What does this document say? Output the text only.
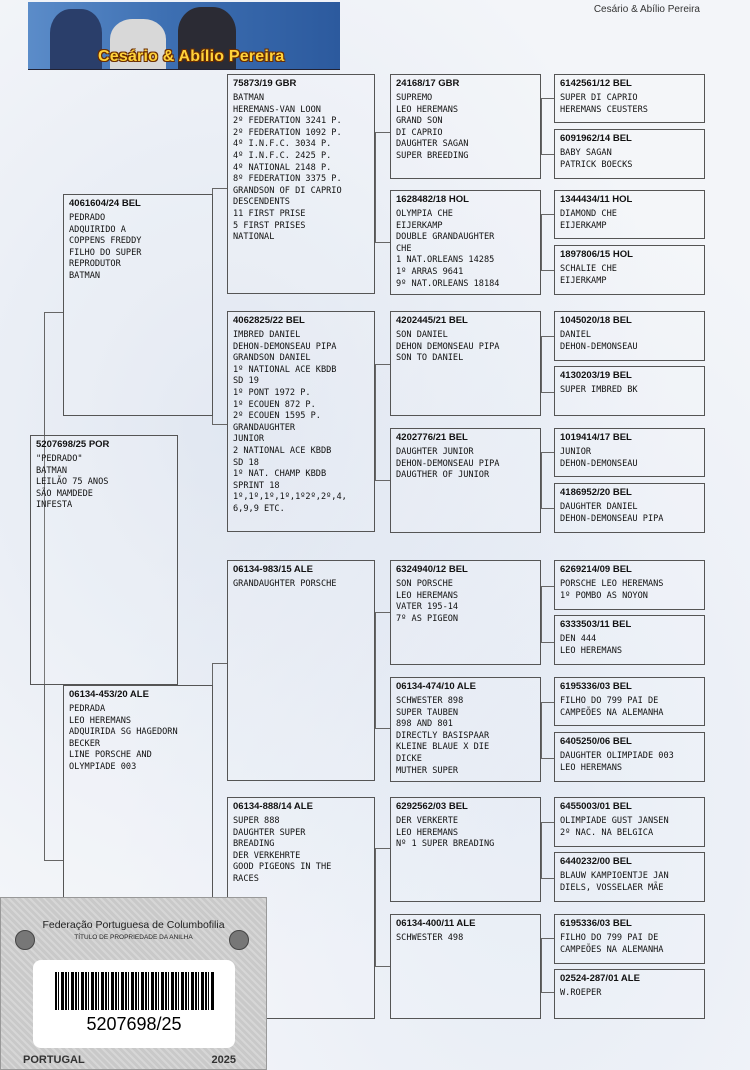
Cesário & Abílio Pereira
Cesário & Abílio Pereira
5207698/25 POR
"PEDRADO"
BATMAN
LEILÃO 75 ANOS
SÃO MAMDEDE
INFESTA
4061604/24 BEL
PEDRADO
ADQUIRIDO A
COPPENS FREDDY
FILHO DO SUPER
REPRODUTOR
BATMAN
06134-453/20 ALE
PEDRADA
LEO HEREMANS
ADQUIRIDA SG HAGEDORN
BECKER
LINE PORSCHE AND
OLYMPIADE 003
75873/19 GBR
BATMAN
HEREMANS-VAN LOON
2º FEDERATION 3241 P.
2º FEDERATION 1092 P.
4º I.N.F.C. 3034 P.
4º I.N.F.C. 2425 P.
4º NATIONAL 2148 P.
8º FEDERATION 3375 P.
GRANDSON OF DI CAPRIO
DESCENDENTS
11 FIRST PRISE
5 FIRST PRISES
NATIONAL
4062825/22 BEL
IMBRED DANIEL
DEHON-DEMONSEAU PIPA
GRANDSON DANIEL
1º NATIONAL ACE KBDB
SD 19
1º PONT 1972 P.
1º ECOUEN 872 P.
2º ECOUEN 1595 P.
GRANDAUGHTER
JUNIOR
2 NATIONAL ACE KBDB
SD 18
1º NAT. CHAMP KBDB
SPRINT 18
1º,1º,1º,1º,1º2º,2º,4,
6,9,9 ETC.
06134-983/15 ALE
GRANDAUGHTER PORSCHE
06134-888/14 ALE
SUPER 888
DAUGHTER SUPER
BREADING
DER VERKEHRTE
GOOD PIGEONS IN THE
RACES
24168/17 GBR
SUPREMO
LEO HEREMANS
GRAND SON
DI CAPRIO
DAUGHTER SAGAN
SUPER BREEDING
1628482/18 HOL
OLYMPIA CHE
EIJERKAMP
DOUBLE GRANDAUGHTER
CHE
1 NAT.ORLEANS 14285
1º ARRAS 9641
9º NAT.ORLEANS 18184
4202445/21 BEL
SON DANIEL
DEHON DEMONSEAU PIPA
SON TO DANIEL
4202776/21 BEL
DAUGHTER JUNIOR
DEHON-DEMONSEAU PIPA
DAUGTHER OF JUNIOR
6324940/12 BEL
SON PORSCHE
LEO HEREMANS
VATER 195-14
7º AS PIGEON
06134-474/10 ALE
SCHWESTER 898
SUPER TAUBEN
898 AND 801
DIRECTLY BASISPAAR
KLEINE BLAUE X DIE
DICKE
MUTHER SUPER
6292562/03 BEL
DER VERKERTE
LEO HEREMANS
Nº 1 SUPER BREADING
06134-400/11 ALE
SCHWESTER 498
6142561/12 BEL
SUPER DI CAPRIO
HEREMANS CEUSTERS
6091962/14 BEL
BABY SAGAN
PATRICK BOECKS
1344434/11 HOL
DIAMOND CHE
EIJERKAMP
1897806/15 HOL
SCHALIE CHE
EIJERKAMP
1045020/18 BEL
DANIEL
DEHON-DEMONSEAU
4130203/19 BEL
SUPER IMBRED BK
1019414/17 BEL
JUNIOR
DEHON-DEMONSEAU
4186952/20 BEL
DAUGHTER DANIEL
DEHON-DEMONSEAU PIPA
6269214/09 BEL
PORSCHE LEO HEREMANS
1º POMBO AS NOYON
6333503/11 BEL
DEN 444
LEO HEREMANS
6195336/03 BEL
FILHO DO 799 PAI DE
CAMPEÕES NA ALEMANHA
6405250/06 BEL
DAUGHTER OLIMPIADE 003
LEO HEREMANS
6455003/01 BEL
OLIMPIADE GUST JANSEN
2º NAC. NA BELGICA
6440232/00 BEL
BLAUW KAMPIOENTJE JAN
DIELS, VOSSELAER MÃE
6195336/03 BEL
FILHO DO 799 PAI DE
CAMPEÕES NA ALEMANHA
02524-287/01 ALE
W.ROEPER
Federação Portuguesa de Columbofilia
TÍTULO DE PROPRIEDADE DA ANILHA
5207698/25
PORTUGAL	2025
